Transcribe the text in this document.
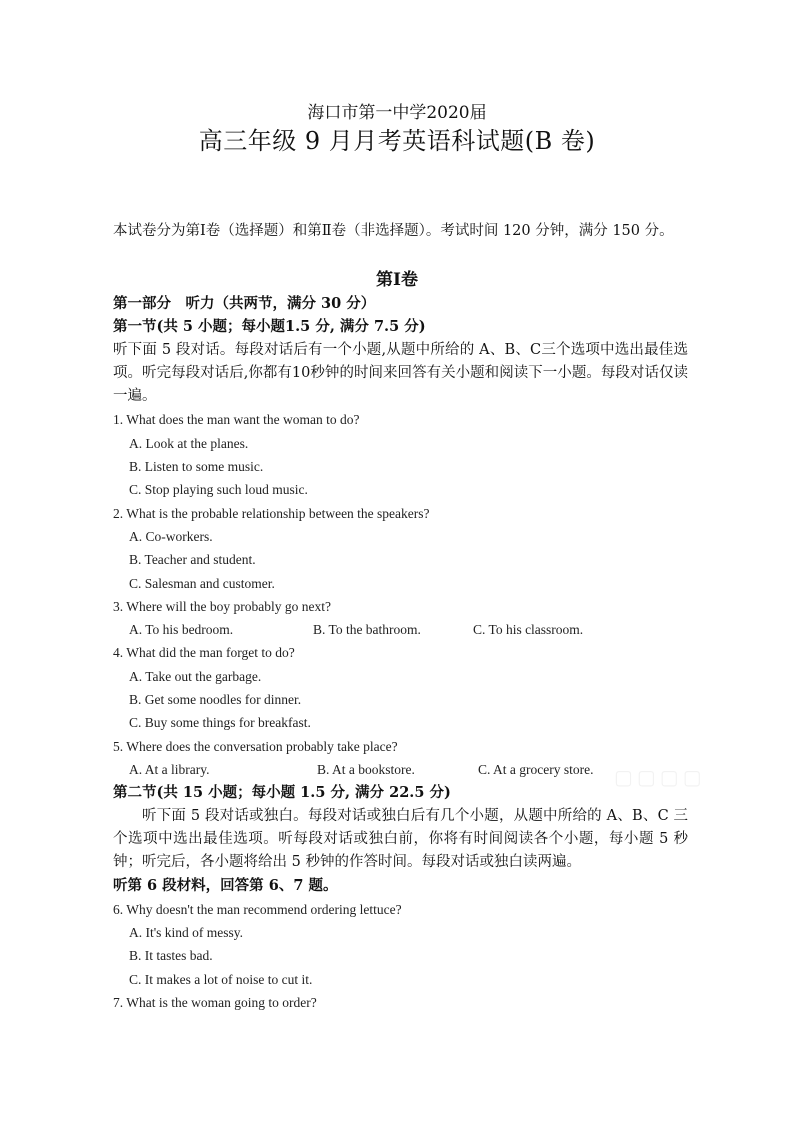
海口市第一中学2020届
高三年级 9 月月考英语科试题(B 卷)
本试卷分为第Ⅰ卷（选择题）和第Ⅱ卷（非选择题）。考试时间 120 分钟，满分 150 分。
第Ⅰ卷
第一部分　听力（共两节，满分 30 分）
第一节(共 5 小题；每小题1.5 分, 满分 7.5 分)
听下面 5 段对话。每段对话后有一个小题,从题中所给的 A、B、C三个选项中选出最佳选项。听完每段对话后,你都有10秒钟的时间来回答有关小题和阅读下一小题。每段对话仅读一遍。
1. What does the man want the woman to do?
A. Look at the planes.
B. Listen to some music.
C. Stop playing such loud music.
2. What is the probable relationship between the speakers?
A. Co-workers.
B. Teacher and student.
C. Salesman and customer.
3. Where will the boy probably go next?
A. To his bedroom.	B. To the bathroom.	C. To his classroom.
4. What did the man forget to do?
A. Take out the garbage.
B. Get some noodles for dinner.
C. Buy some things for breakfast.
5. Where does the conversation probably take place?
A. At a library.	B. At a bookstore.	C. At a grocery store.
第二节(共 15 小题；每小题 1.5 分, 满分 22.5 分)
听下面 5 段对话或独白。每段对话或独白后有几个小题，从题中所给的 A、B、C 三个选项中选出最佳选项。听每段对话或独白前，你将有时间阅读各个小题，每小题 5 秒钟；听完后，各小题将给出 5 秒钟的作答时间。每段对话或独白读两遍。
听第 6 段材料，回答第 6、7 题。
6. Why doesn't the man recommend ordering lettuce?
A. It's kind of messy.
B. It tastes bad.
C. It makes a lot of noise to cut it.
7. What is the woman going to order?
▢▢▢▢
